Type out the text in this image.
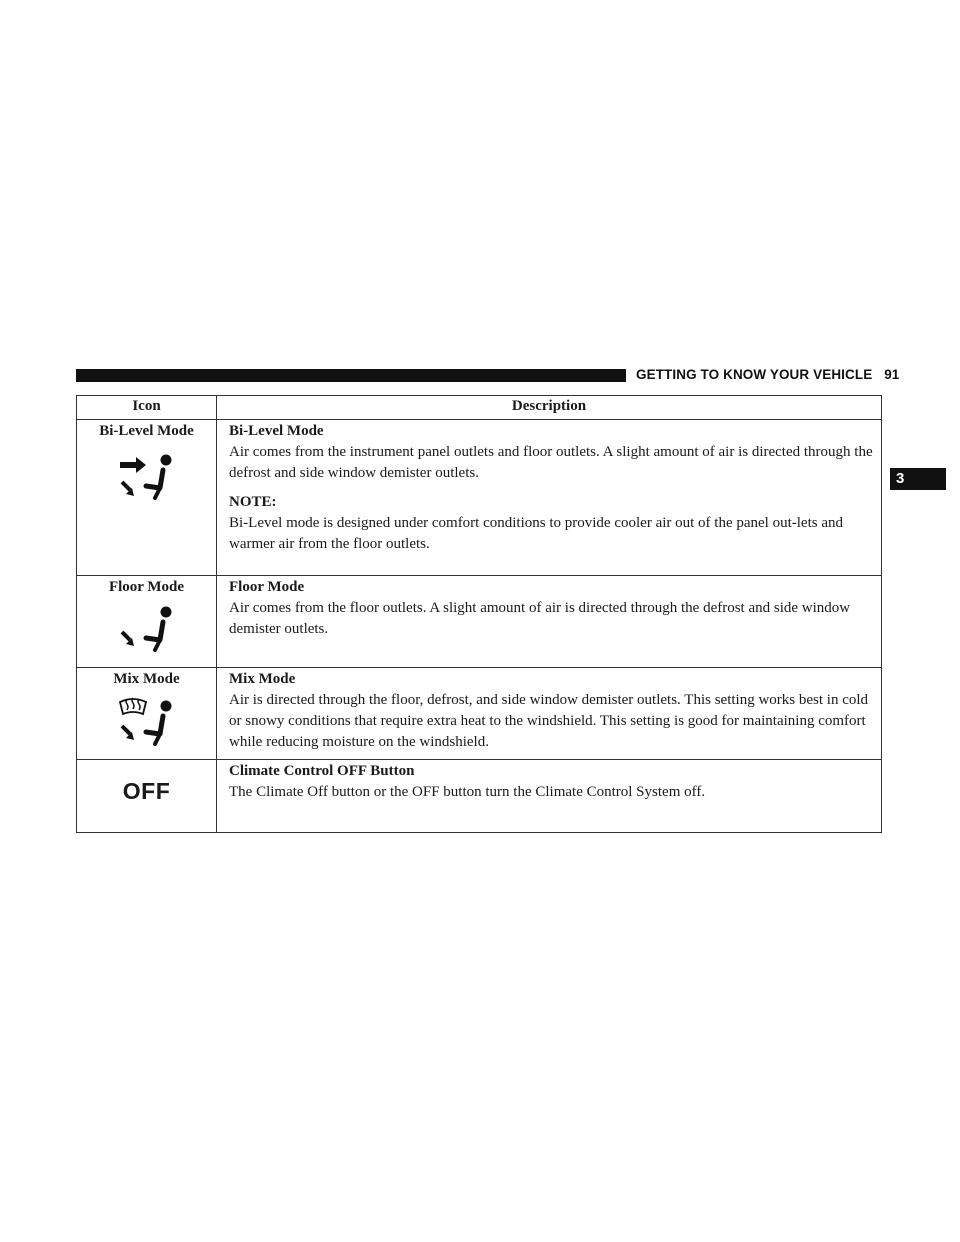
GETTING TO KNOW YOUR VEHICLE 91
3
Icon	Description

Bi-Level Mode	Bi-Level Mode
Air comes from the instrument panel outlets and floor outlets. A slight amount of air is directed through the defrost and side window demister outlets.
NOTE:
Bi-Level mode is designed under comfort conditions to provide cooler air out of the panel out-lets and warmer air from the floor outlets.

Floor Mode	Floor Mode
Air comes from the floor outlets. A slight amount of air is directed through the defrost and side window demister outlets.

Mix Mode	Mix Mode
Air is directed through the floor, defrost, and side window demister outlets. This setting works best in cold or snowy conditions that require extra heat to the windshield. This setting is good for maintaining comfort while reducing moisture on the windshield.

OFF	Climate Control OFF Button
The Climate Off button or the OFF button turn the Climate Control System off.
